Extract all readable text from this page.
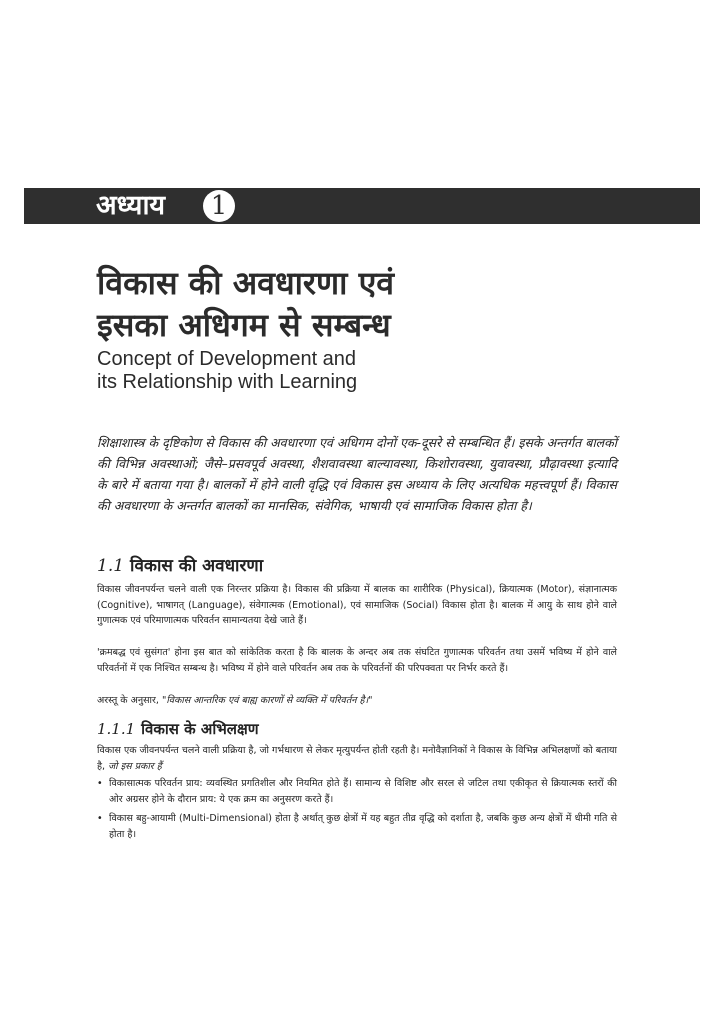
अध्याय 1
विकास की अवधारणा एवं
इसका अधिगम से सम्बन्ध
Concept of Development and
its Relationship with Learning
शिक्षाशास्त्र के दृष्टिकोण से विकास की अवधारणा एवं अधिगम दोनों एक-दूसरे से सम्बन्धित हैं। इसके अन्तर्गत बालकों की विभिन्न अवस्थाओं; जैसे–प्रसवपूर्व अवस्था, शैशवावस्था बाल्यावस्था, किशोरावस्था, युवावस्था, प्रौढ़ावस्था इत्यादि के बारे में बताया गया है। बालकों में होने वाली वृद्धि एवं विकास इस अध्याय के लिए अत्यधिक महत्त्वपूर्ण हैं। विकास की अवधारणा के अन्तर्गत बालकों का मानसिक, संवेगिक, भाषायी एवं सामाजिक विकास होता है।
1.1 विकास की अवधारणा
विकास जीवनपर्यन्त चलने वाली एक निरन्तर प्रक्रिया है। विकास की प्रक्रिया में बालक का शारीरिक (Physical), क्रियात्मक (Motor), संज्ञानात्मक (Cognitive), भाषागत् (Language), संवेगात्मक (Emotional), एवं सामाजिक (Social) विकास होता है। बालक में आयु के साथ होने वाले गुणात्मक एवं परिमाणात्मक परिवर्तन सामान्यतया देखे जाते हैं।
'क्रमबद्ध एवं सुसंगत' होना इस बात को सांकेतिक करता है कि बालक के अन्दर अब तक संघटित गुणात्मक परिवर्तन तथा उसमें भविष्य में होने वाले परिवर्तनों में एक निश्चित सम्बन्ध है। भविष्य में होने वाले परिवर्तन अब तक के परिवर्तनों की परिपक्वता पर निर्भर करते हैं।
अरस्तू के अनुसार, "विकास आन्तरिक एवं बाह्य कारणों से व्यक्ति में परिवर्तन है।"
1.1.1 विकास के अभिलक्षण
विकास एक जीवनपर्यन्त चलने वाली प्रक्रिया है, जो गर्भधारण से लेकर मृत्युपर्यन्त होती रहती है। मनोवैज्ञानिकों ने विकास के विभिन्न अभिलक्षणों को बताया है, जो इस प्रकार हैं
• विकासात्मक परिवर्तन प्राय: व्यवस्थित प्रगतिशील और नियमित होते हैं। सामान्य से विशिष्ट और सरल से जटिल तथा एकीकृत से क्रियात्मक स्तरों की ओर अग्रसर होने के दौरान प्राय: ये एक क्रम का अनुसरण करते हैं।
• विकास बहु-आयामी (Multi-Dimensional) होता है अर्थात् कुछ क्षेत्रों में यह बहुत तीव्र वृद्धि को दर्शाता है, जबकि कुछ अन्य क्षेत्रों में धीमी गति से होता है।
